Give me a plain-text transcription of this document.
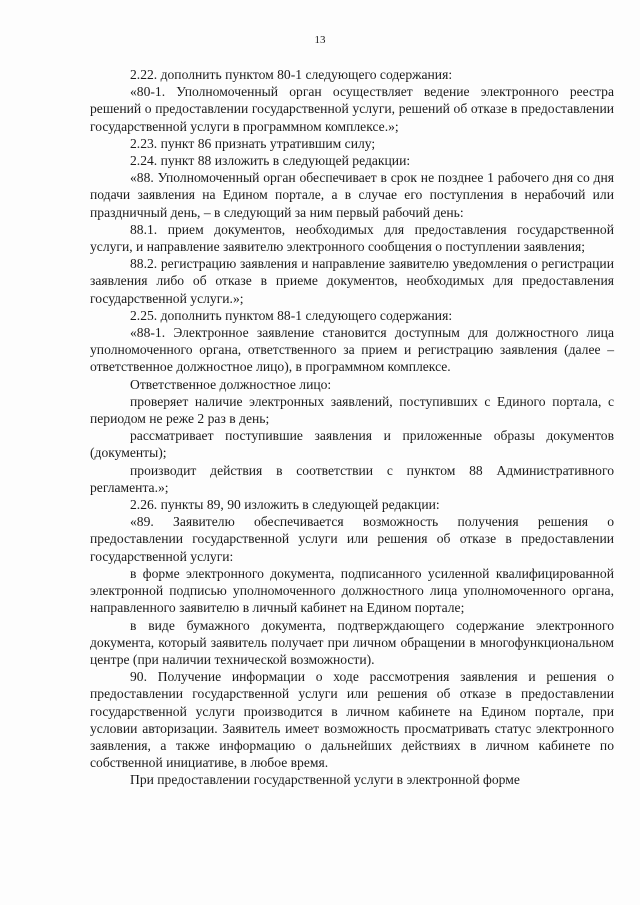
13

2.22. дополнить пунктом 80-1 следующего содержания:

«80-1. Уполномоченный орган осуществляет ведение электронного реестра решений о предоставлении государственной услуги, решений об отказе в предоставлении государственной услуги в программном комплексе.»;

2.23. пункт 86 признать утратившим силу;

2.24. пункт 88 изложить в следующей редакции:

«88. Уполномоченный орган обеспечивает в срок не позднее 1 рабочего дня со дня подачи заявления на Едином портале, а в случае его поступления в нерабочий или праздничный день, – в следующий за ним первый рабочий день:

88.1. прием документов, необходимых для предоставления государственной услуги, и направление заявителю электронного сообщения о поступлении заявления;

88.2. регистрацию заявления и направление заявителю уведомления о регистрации заявления либо об отказе в приеме документов, необходимых для предоставления государственной услуги.»;

2.25. дополнить пунктом 88-1 следующего содержания:

«88-1. Электронное заявление становится доступным для должностного лица уполномоченного органа, ответственного за прием и регистрацию заявления (далее – ответственное должностное лицо), в программном комплексе.

Ответственное должностное лицо:

проверяет наличие электронных заявлений, поступивших с Единого портала, с периодом не реже 2 раз в день;

рассматривает поступившие заявления и приложенные образы документов (документы);

производит действия в соответствии с пунктом 88 Административного регламента.»;

2.26. пункты 89, 90 изложить в следующей редакции:

«89. Заявителю обеспечивается возможность получения решения о предоставлении государственной услуги или решения об отказе в предоставлении государственной услуги:

в форме электронного документа, подписанного усиленной квалифицированной электронной подписью уполномоченного должностного лица уполномоченного органа, направленного заявителю в личный кабинет на Едином портале;

в виде бумажного документа, подтверждающего содержание электронного документа, который заявитель получает при личном обращении в многофункциональном центре (при наличии технической возможности).

90. Получение информации о ходе рассмотрения заявления и решения о предоставлении государственной услуги или решения об отказе в предоставлении государственной услуги производится в личном кабинете на Едином портале, при условии авторизации. Заявитель имеет возможность просматривать статус электронного заявления, а также информацию о дальнейших действиях в личном кабинете по собственной инициативе, в любое время.

При предоставлении государственной услуги в электронной форме
